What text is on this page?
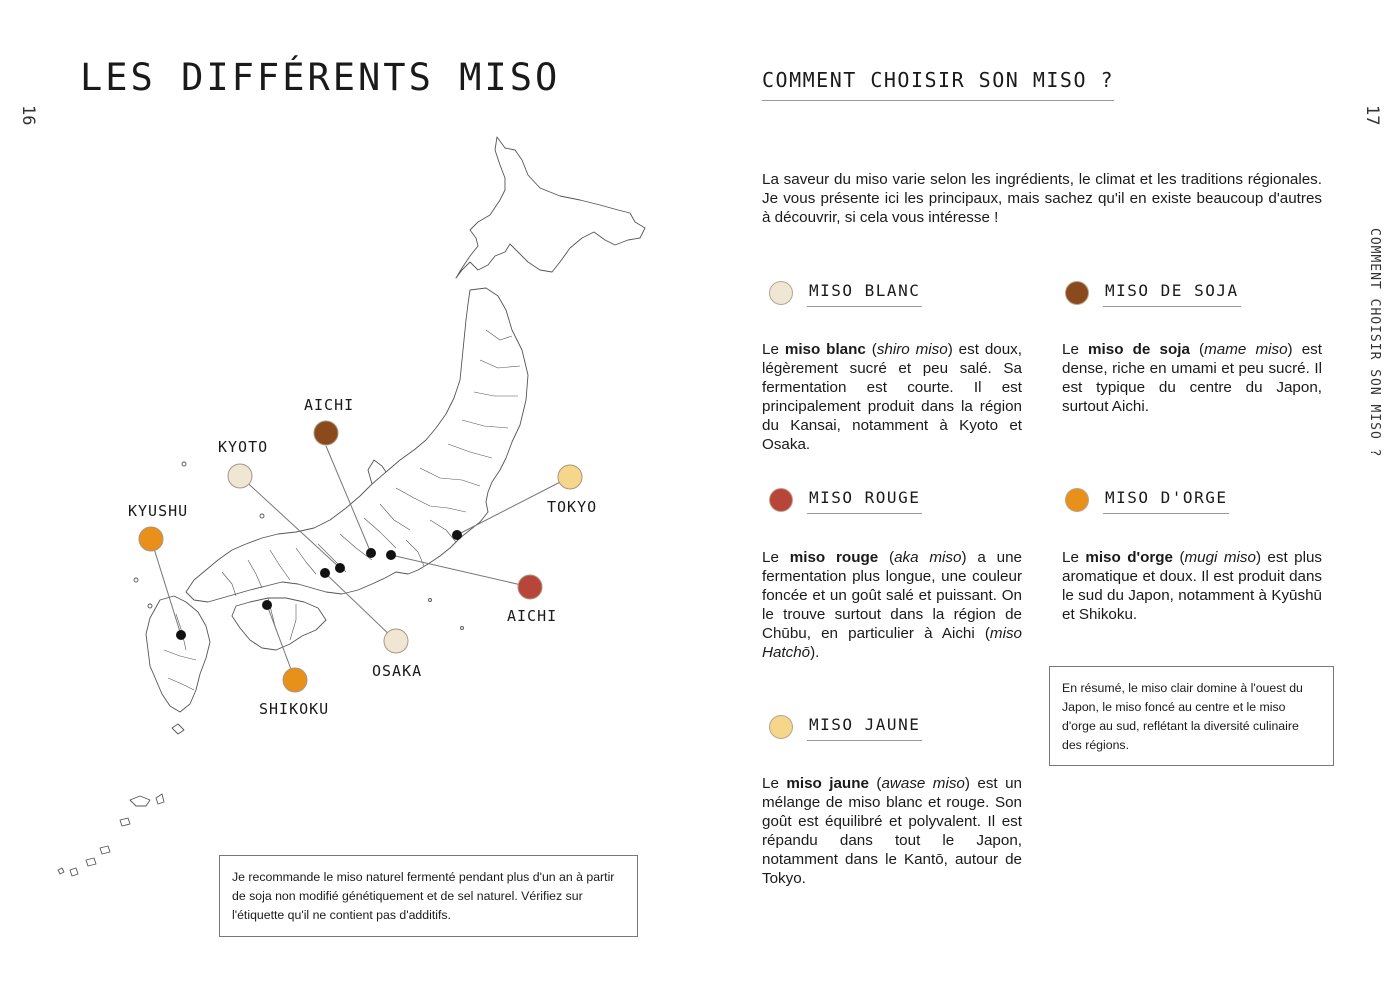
LES DIFFÉRENTS MISO
16
AICHI
KYOTO
KYUSHU	TOKYO
AICHI
OSAKA
SHIKOKU
Je recommande le miso naturel fermenté pendant plus d'un an à partir de soja non modifié génétiquement et de sel naturel. Vérifiez sur l'étiquette qu'il ne contient pas d'additifs.
17
COMMENT CHOISIR SON MISO ?
COMMENT CHOISIR SON MISO ?
La saveur du miso varie selon les ingrédients, le climat et les traditions régionales. Je vous présente ici les principaux, mais sachez qu'il en existe beaucoup d'autres à découvrir, si cela vous intéresse !
MISO BLANC
Le miso blanc (shiro miso) est doux, légèrement sucré et peu salé. Sa fermentation est courte. Il est principalement produit dans la région du Kansai, notamment à Kyoto et Osaka.
MISO DE SOJA
Le miso de soja (mame miso) est dense, riche en umami et peu sucré. Il est typique du centre du Japon, surtout Aichi.
MISO ROUGE
Le miso rouge (aka miso) a une fermentation plus longue, une couleur foncée et un goût salé et puissant. On le trouve surtout dans la région de Chūbu, en particulier à Aichi (miso Hatchō).
MISO D'ORGE
Le miso d'orge (mugi miso) est plus aromatique et doux. Il est produit dans le sud du Japon, notamment à Kyūshū et Shikoku.
MISO JAUNE
Le miso jaune (awase miso) est un mélange de miso blanc et rouge. Son goût est équilibré et polyvalent. Il est répandu dans tout le Japon, notamment dans le Kantō, autour de Tokyo.
En résumé, le miso clair domine à l'ouest du Japon, le miso foncé au centre et le miso d'orge au sud, reflétant la diversité culinaire des régions.
